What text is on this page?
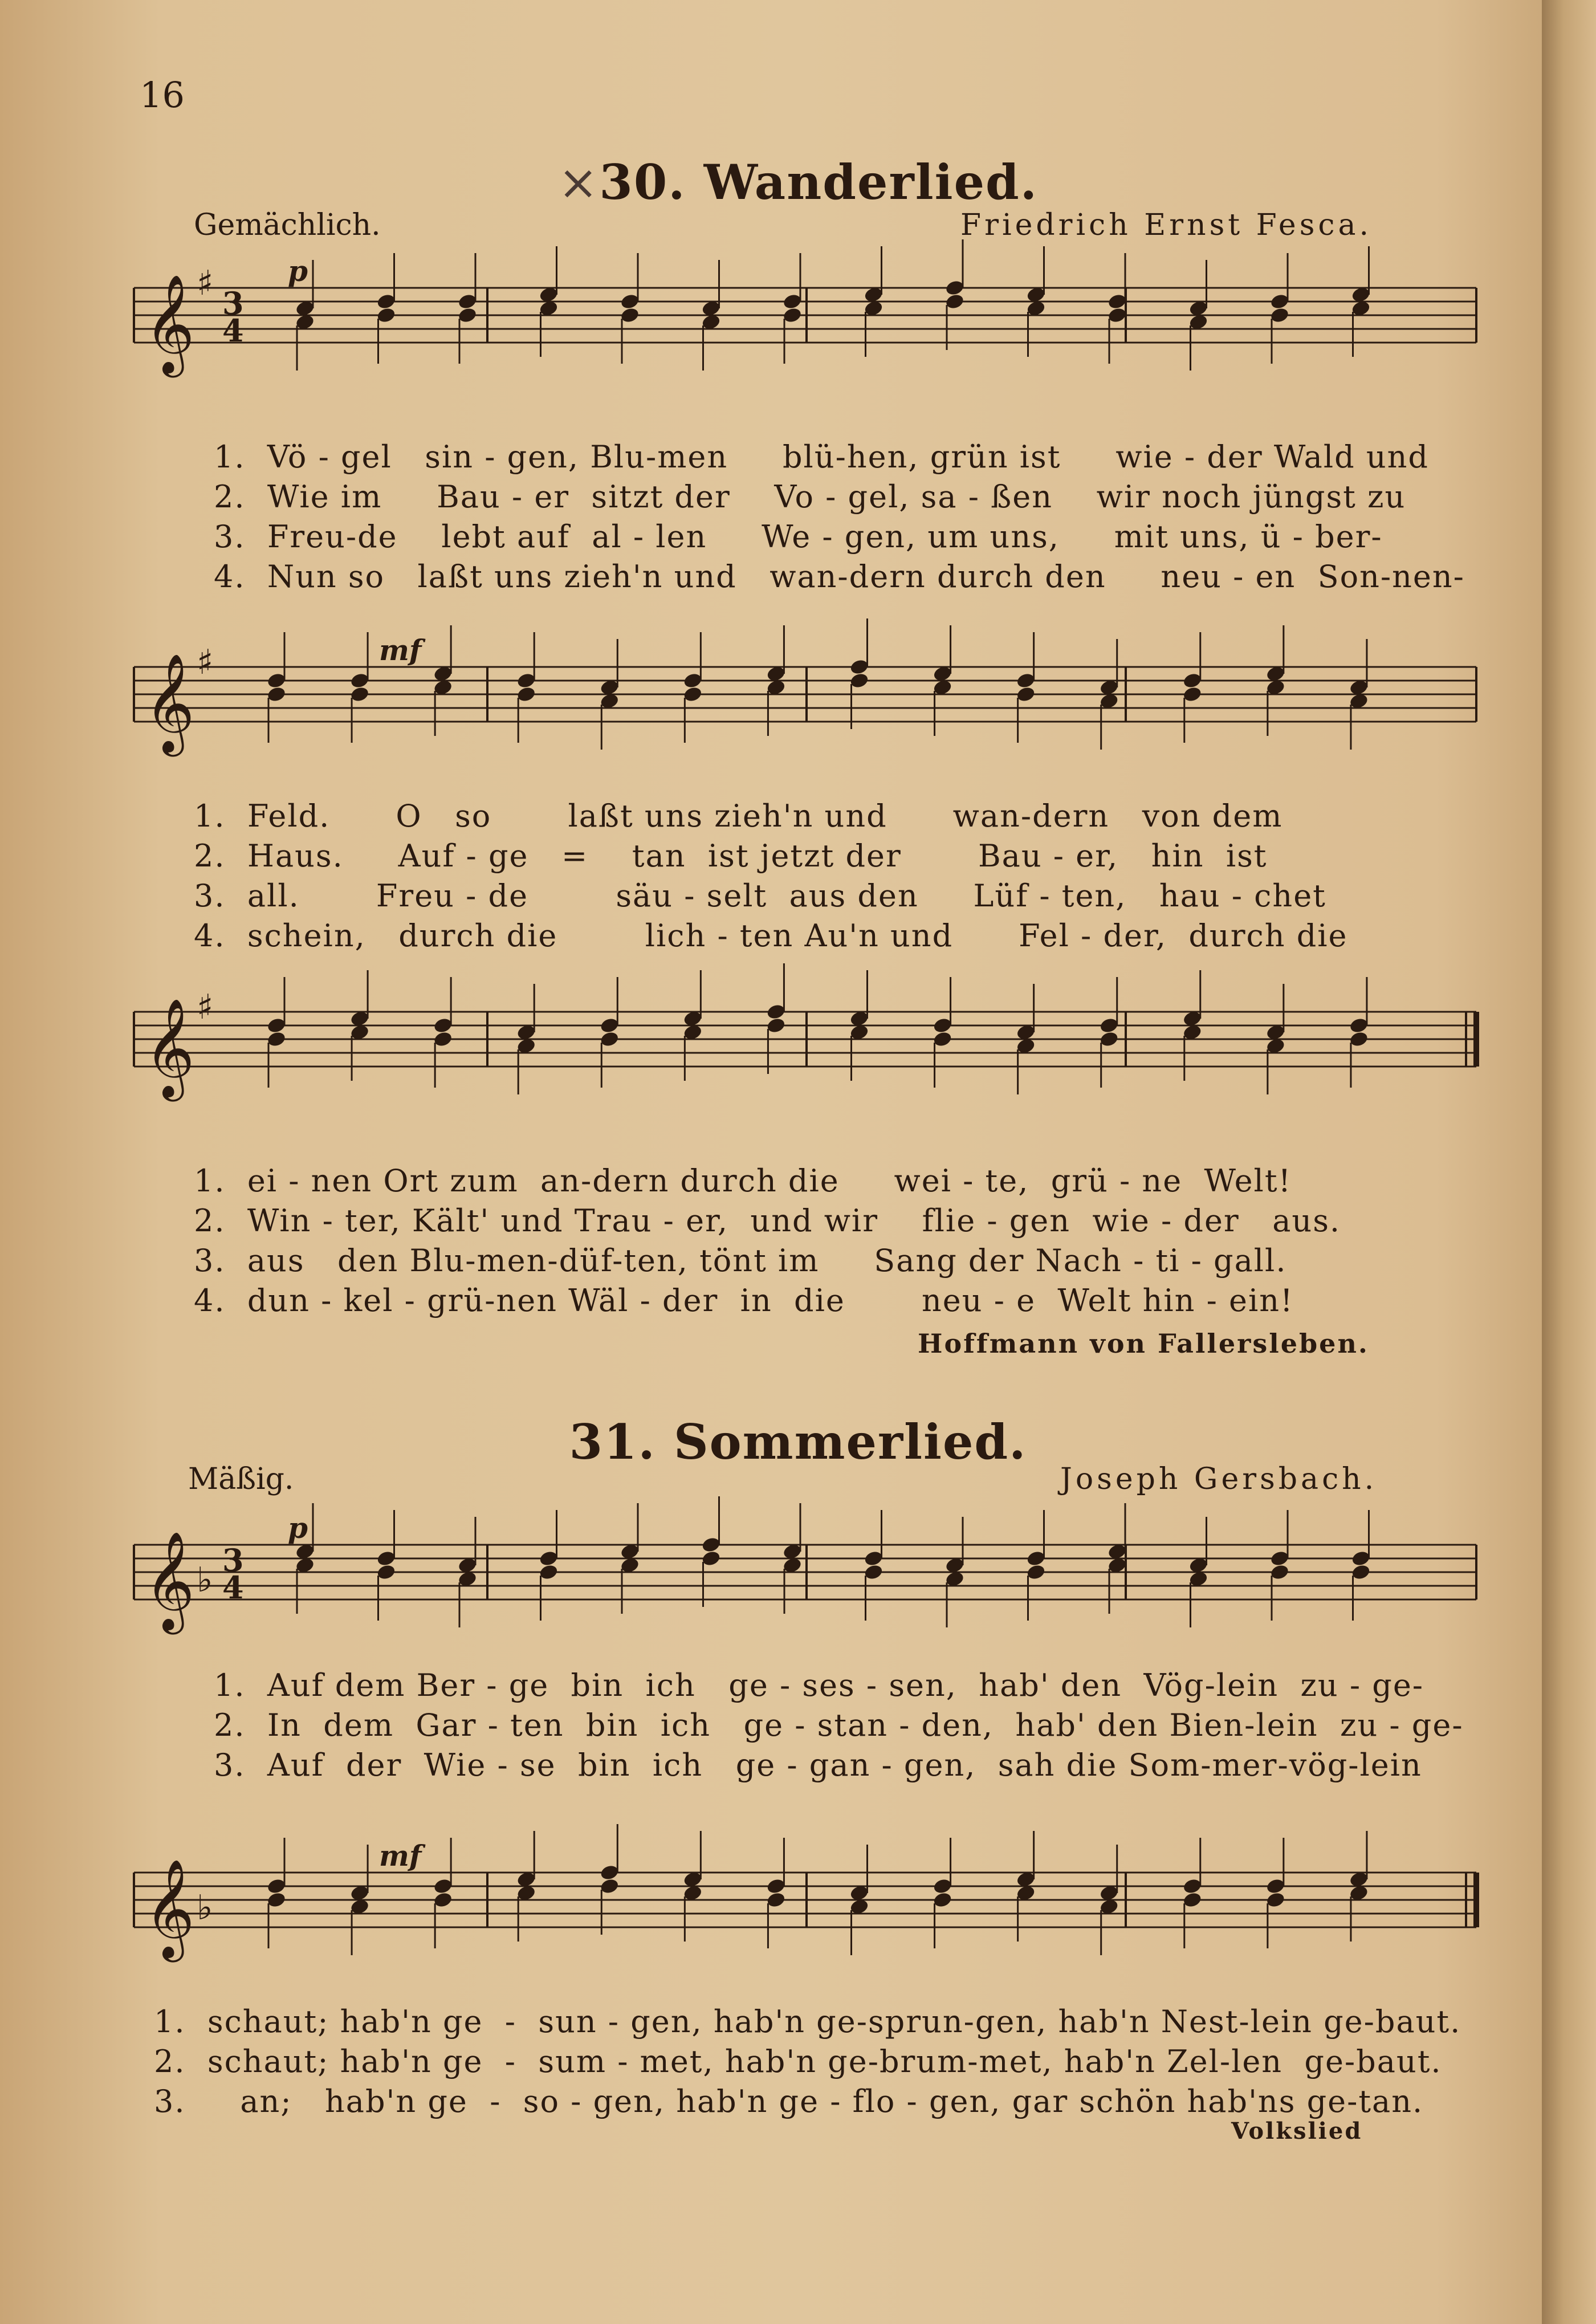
16
×30. Wanderlied.
Gemächlich.	Friedrich Ernst Fesca.
𝄞 ♯ 3
4
p
1.  Vö - gel   sin - gen, Blu-men     blü-hen, grün ist     wie - der Wald und
2.  Wie im     Bau - er  sitzt der    Vo - gel, sa - ßen    wir noch jüngst zu
3.  Freu-de    lebt auf  al - len     We - gen, um uns,     mit uns, ü - ber-
4.  Nun so   laßt uns zieh'n und   wan-dern durch den     neu - en  Son-nen-
𝄞 ♯	mf
1.  Feld.      O   so       laßt uns zieh'n und      wan-dern   von dem
2.  Haus.     Auf - ge   =    tan  ist jetzt der       Bau - er,   hin  ist
3.  all.       Freu - de        säu - selt  aus den     Lüf - ten,   hau - chet
4.  schein,   durch die        lich - ten Au'n und      Fel - der,  durch die
𝄞 ♯
1.  ei - nen Ort zum  an-dern durch die     wei - te,  grü - ne  Welt!
2.  Win - ter, Kält' und Trau - er,  und wir    flie - gen  wie - der   aus.
3.  aus   den Blu-men-düf-ten, tönt im     Sang der Nach - ti - gall.
4.  dun - kel - grü-nen Wäl - der  in  die       neu - e  Welt hin - ein!
Hoffmann von Fallersleben.
31. Sommerlied.
Mäßig.	Joseph Gersbach.
𝄞 ♭ 3
4
p
1.  Auf dem Ber - ge  bin  ich   ge - ses - sen,  hab' den  Vög-lein  zu - ge-
2.  In  dem  Gar - ten  bin  ich   ge - stan - den,  hab' den Bien-lein  zu - ge-
3.  Auf  der  Wie - se  bin  ich   ge - gan - gen,  sah die Som-mer-vög-lein
𝄞 ♭
mf
1.  schaut; hab'n ge  -  sun - gen, hab'n ge-sprun-gen, hab'n Nest-lein ge-baut.
2.  schaut; hab'n ge  -  sum - met, hab'n ge-brum-met, hab'n Zel-len  ge-baut.
3.     an;   hab'n ge  -  so - gen, hab'n ge - flo - gen, gar schön hab'ns ge-tan.
Volkslied
